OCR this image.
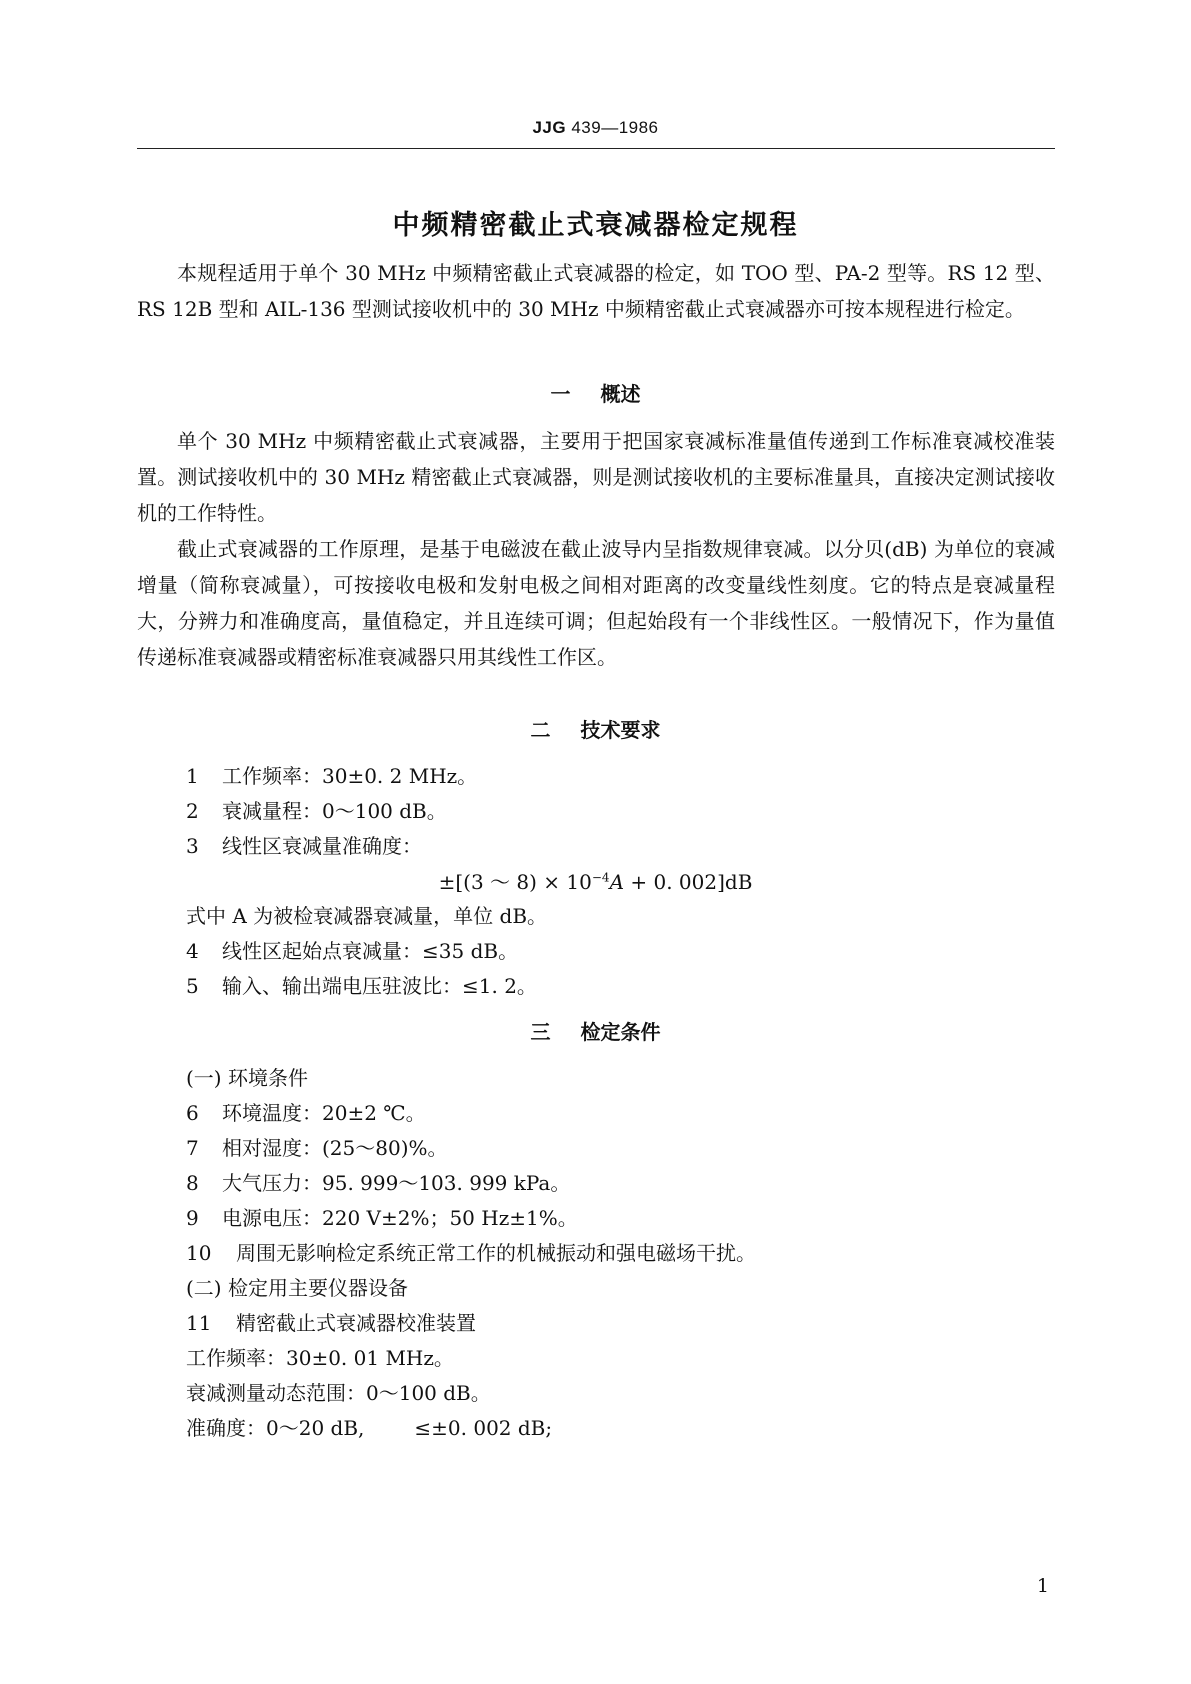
JJG 439—1986
中频精密截止式衰减器检定规程

本规程适用于单个 30 MHz 中频精密截止式衰减器的检定，如 TOO 型、PA-2 型等。RS 12 型、RS 12B 型和 AIL-136 型测试接收机中的 30 MHz 中频精密截止式衰减器亦可按本规程进行检定。

一 概述

单个 30 MHz 中频精密截止式衰减器，主要用于把国家衰减标准量值传递到工作标准衰减校准装置。测试接收机中的 30 MHz 精密截止式衰减器，则是测试接收机的主要标准量具，直接决定测试接收机的工作特性。

截止式衰减器的工作原理，是基于电磁波在截止波导内呈指数规律衰减。以分贝(dB) 为单位的衰减增量（简称衰减量），可按接收电极和发射电极之间相对距离的改变量线性刻度。它的特点是衰减量程大，分辨力和准确度高，量值稳定，并且连续可调；但起始段有一个非线性区。一般情况下，作为量值传递标准衰减器或精密标准衰减器只用其线性工作区。

二 技术要求
1 工作频率：30±0. 2 MHz。
2 衰减量程：0～100 dB。
3 线性区衰减量准确度：
±[(3 ～ $8) \times 10^{-4}A + 0$. 002]dB
式中 A 为被检衰减器衰减量，单位 dB。
4 线性区起始点衰减量：≤35 dB。
5 输入、输出端电压驻波比：≤1. 2。
三 检定条件
(一) 环境条件
6 环境温度：20±2 ℃。
7 相对湿度：(25～80)%。
8 大气压力：95. 999～103. 999 kPa。
9 电源电压：220 V±2%；50 Hz±1%。
10 周围无影响检定系统正常工作的机械振动和强电磁场干扰。
(二) 检定用主要仪器设备
11 精密截止式衰减器校准装置
工作频率：30±0. 01 MHz。
衰减测量动态范围：0～100 dB。
准确度：0～20 dB,	≤±0. 002 dB;
1
